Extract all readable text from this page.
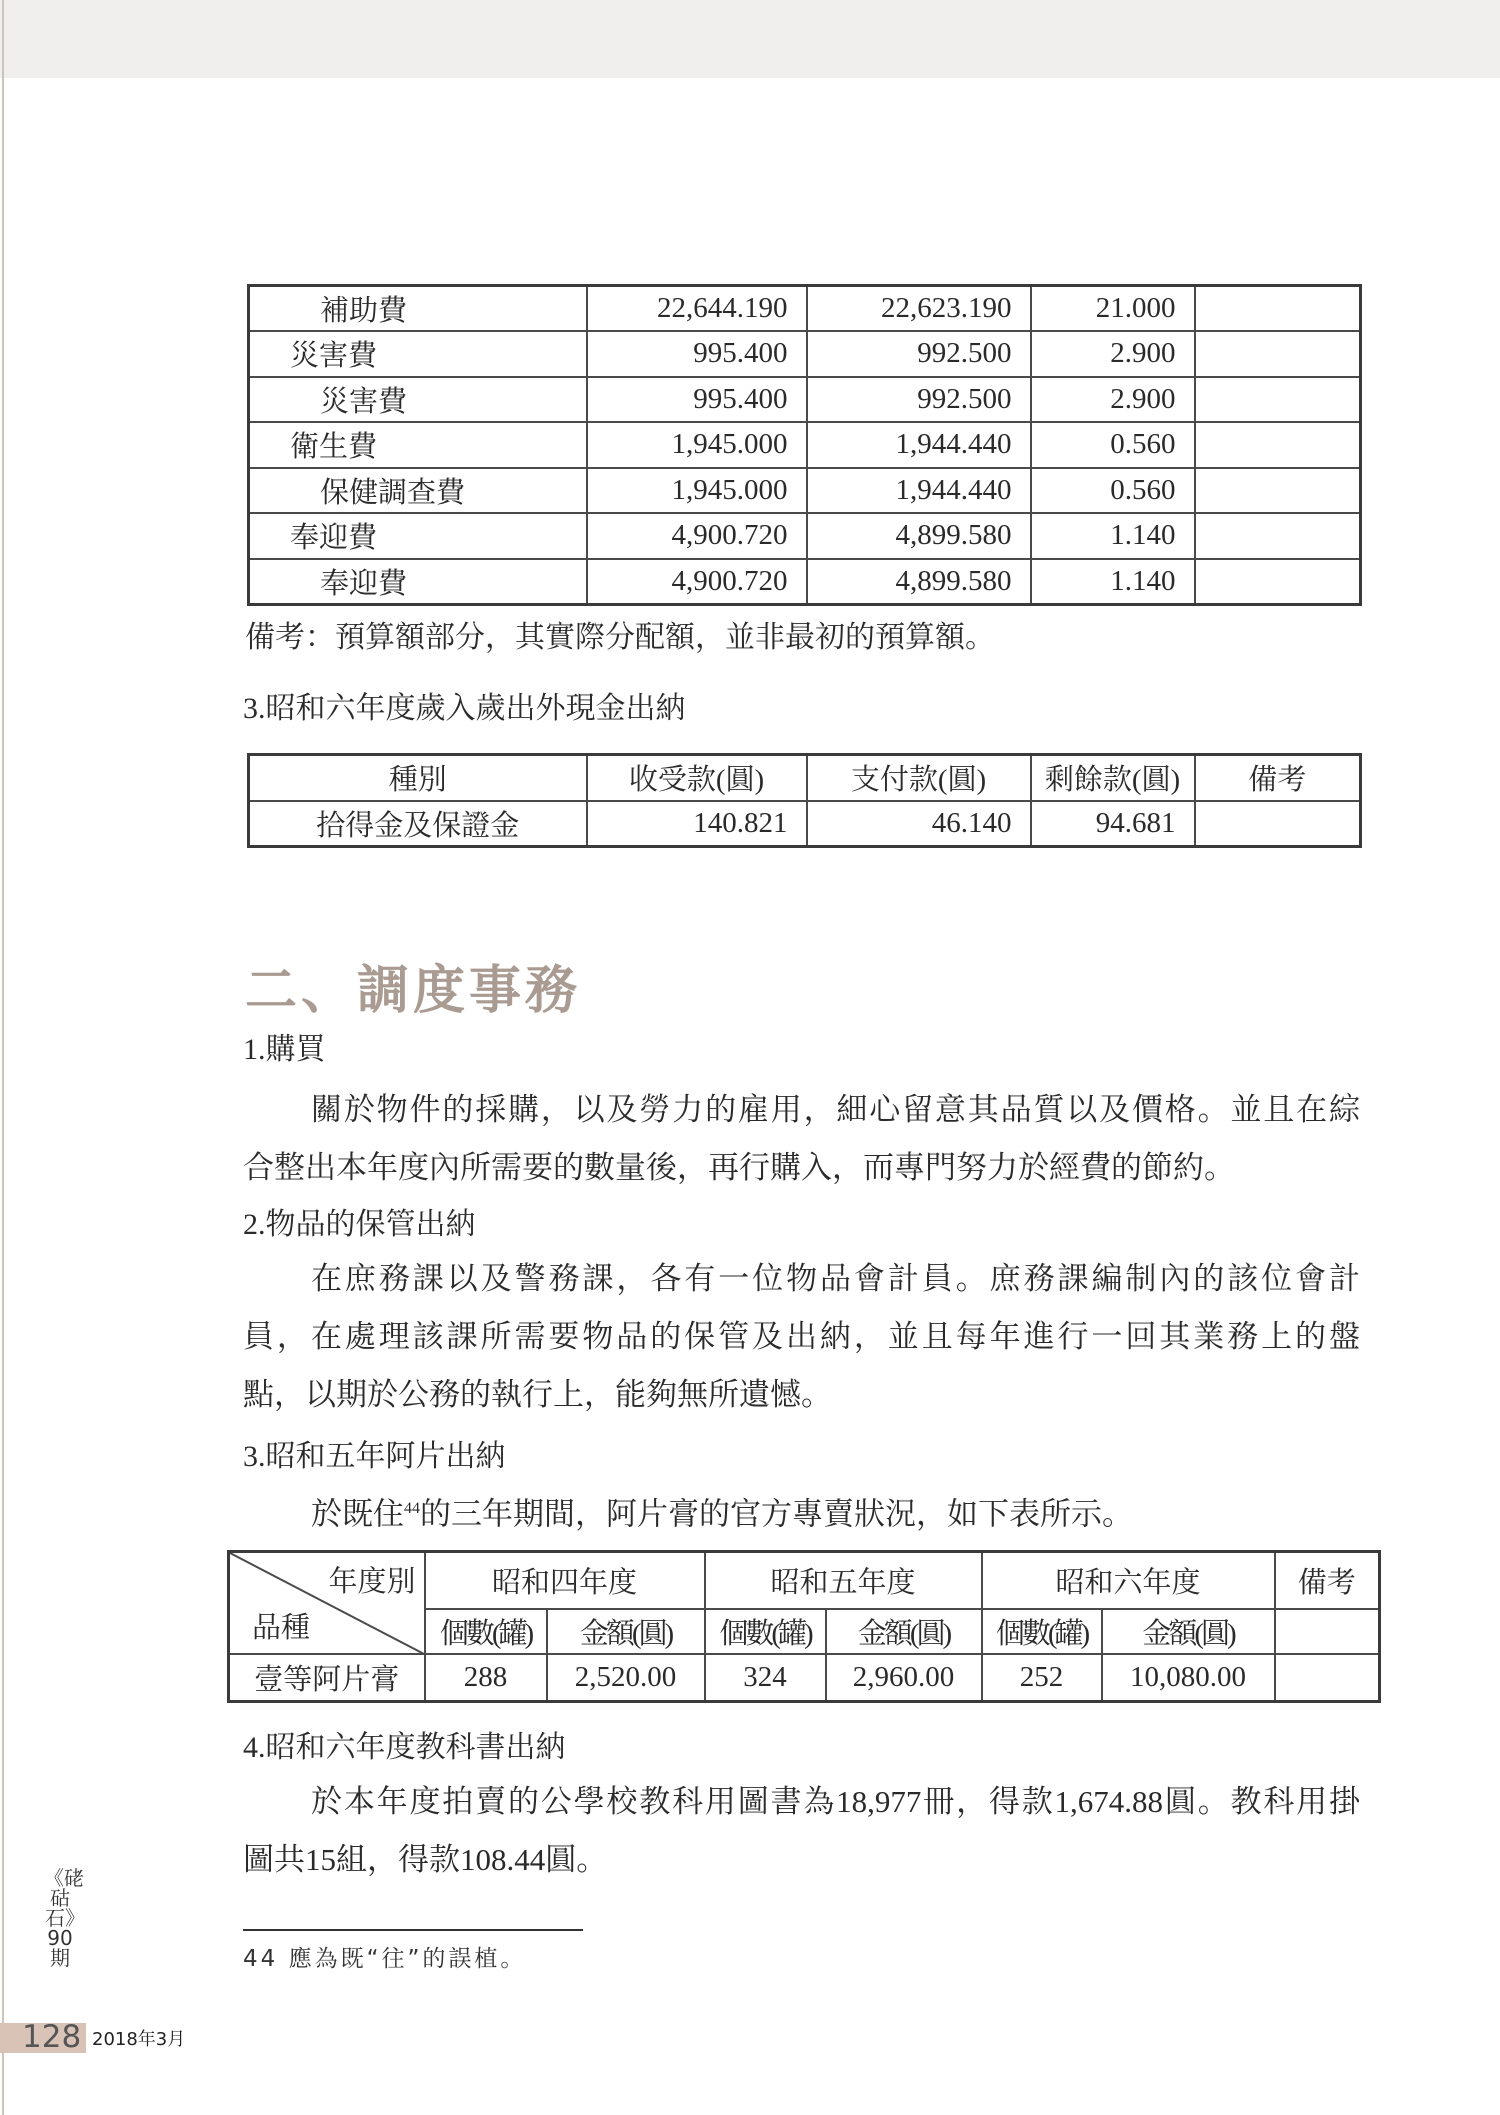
補助費	22,644.190	22,623.190	21.000	
災害費	995.400	992.500	2.900	
災害費	995.400	992.500	2.900	
衛生費	1,945.000	1,944.440	0.560	
保健調查費	1,945.000	1,944.440	0.560	
奉迎費	4,900.720	4,899.580	1.140	
奉迎費	4,900.720	4,899.580	1.140	
備考：預算額部分，其實際分配額，並非最初的預算額。
3.昭和六年度歲入歲出外現金出納
種別	收受款(圓)	支付款(圓)	剩餘款(圓)	備考
拾得金及保證金	140.821	46.140	94.681	
二、調度事務
1.購買
關於物件的採購，以及勞力的雇用，細心留意其品質以及價格。並且在綜
合整出本年度內所需要的數量後，再行購入，而專門努力於經費的節約。
2.物品的保管出納
在庶務課以及警務課，各有一位物品會計員。庶務課編制內的該位會計
員，在處理該課所需要物品的保管及出納，並且每年進行一回其業務上的盤
點，以期於公務的執行上，能夠無所遺憾。
3.昭和五年阿片出納
於既住$^{44}$的三年期間，阿片膏的官方專賣狀況，如下表所示。
年度別
品種	昭和四年度		昭和五年度		昭和六年度		備考
	個數(罐)	金額(圓)	個數(罐)	金額(圓)	個數(罐)	金額(圓)	
壹等阿片膏	288	2,520.00	324	2,960.00	252	10,080.00	
4.昭和六年度教科書出納
於本年度拍賣的公學校教科用圖書為18,977冊，得款1,674.88圓。教科用掛
圖共15組，得款108.44圓。
44 應為既“往”的誤植。
《硓𥑮石》90期
128 2018年3月
